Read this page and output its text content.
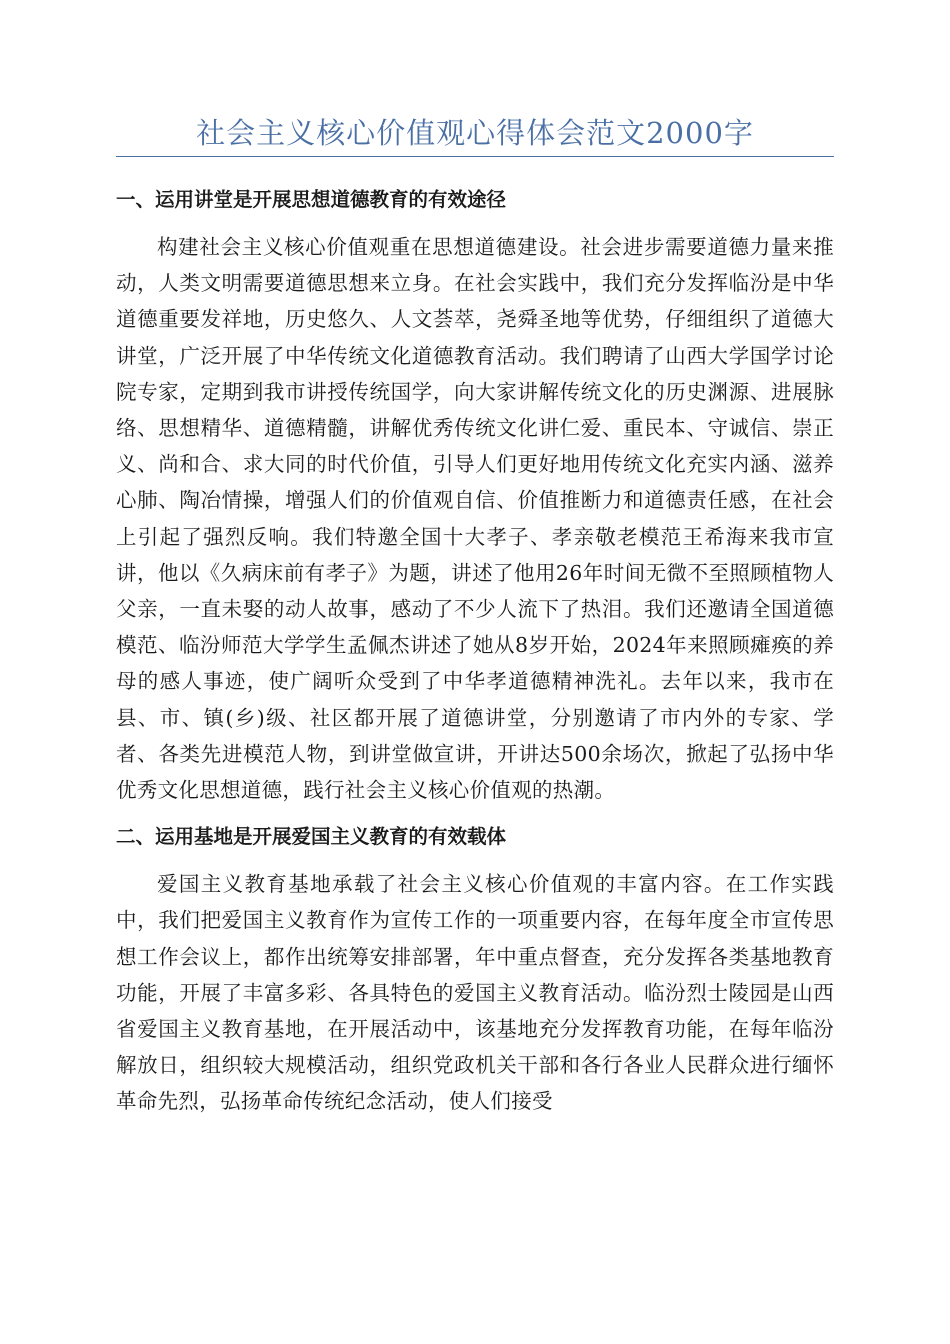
社会主义核心价值观心得体会范文2000字
一、运用讲堂是开展思想道德教育的有效途径

构建社会主义核心价值观重在思想道德建设。社会进步需要道德力量来推动，人类文明需要道德思想来立身。在社会实践中，我们充分发挥临汾是中华道德重要发祥地，历史悠久、人文荟萃，尧舜圣地等优势，仔细组织了道德大讲堂，广泛开展了中华传统文化道德教育活动。我们聘请了山西大学国学讨论院专家，定期到我市讲授传统国学，向大家讲解传统文化的历史渊源、进展脉络、思想精华、道德精髓，讲解优秀传统文化讲仁爱、重民本、守诚信、崇正义、尚和合、求大同的时代价值，引导人们更好地用传统文化充实内涵、滋养心肺、陶冶情操，增强人们的价值观自信、价值推断力和道德责任感，在社会上引起了强烈反响。我们特邀全国十大孝子、孝亲敬老模范王希海来我市宣讲，他以《久病床前有孝子》为题，讲述了他用26年时间无微不至照顾植物人父亲，一直未娶的动人故事，感动了不少人流下了热泪。我们还邀请全国道德模范、临汾师范大学学生孟佩杰讲述了她从8岁开始，2024年来照顾瘫痪的养母的感人事迹，使广阔听众受到了中华孝道德精神洗礼。去年以来，我市在县、市、镇(乡)级、社区都开展了道德讲堂，分别邀请了市内外的专家、学者、各类先进模范人物，到讲堂做宣讲，开讲达500余场次，掀起了弘扬中华优秀文化思想道德，践行社会主义核心价值观的热潮。

二、运用基地是开展爱国主义教育的有效载体

爱国主义教育基地承载了社会主义核心价值观的丰富内容。在工作实践中，我们把爱国主义教育作为宣传工作的一项重要内容，在每年度全市宣传思想工作会议上，都作出统筹安排部署，年中重点督查，充分发挥各类基地教育功能，开展了丰富多彩、各具特色的爱国主义教育活动。临汾烈士陵园是山西省爱国主义教育基地，在开展活动中，该基地充分发挥教育功能，在每年临汾解放日，组织较大规模活动，组织党政机关干部和各行各业人民群众进行缅怀革命先烈，弘扬革命传统纪念活动，使人们接受
